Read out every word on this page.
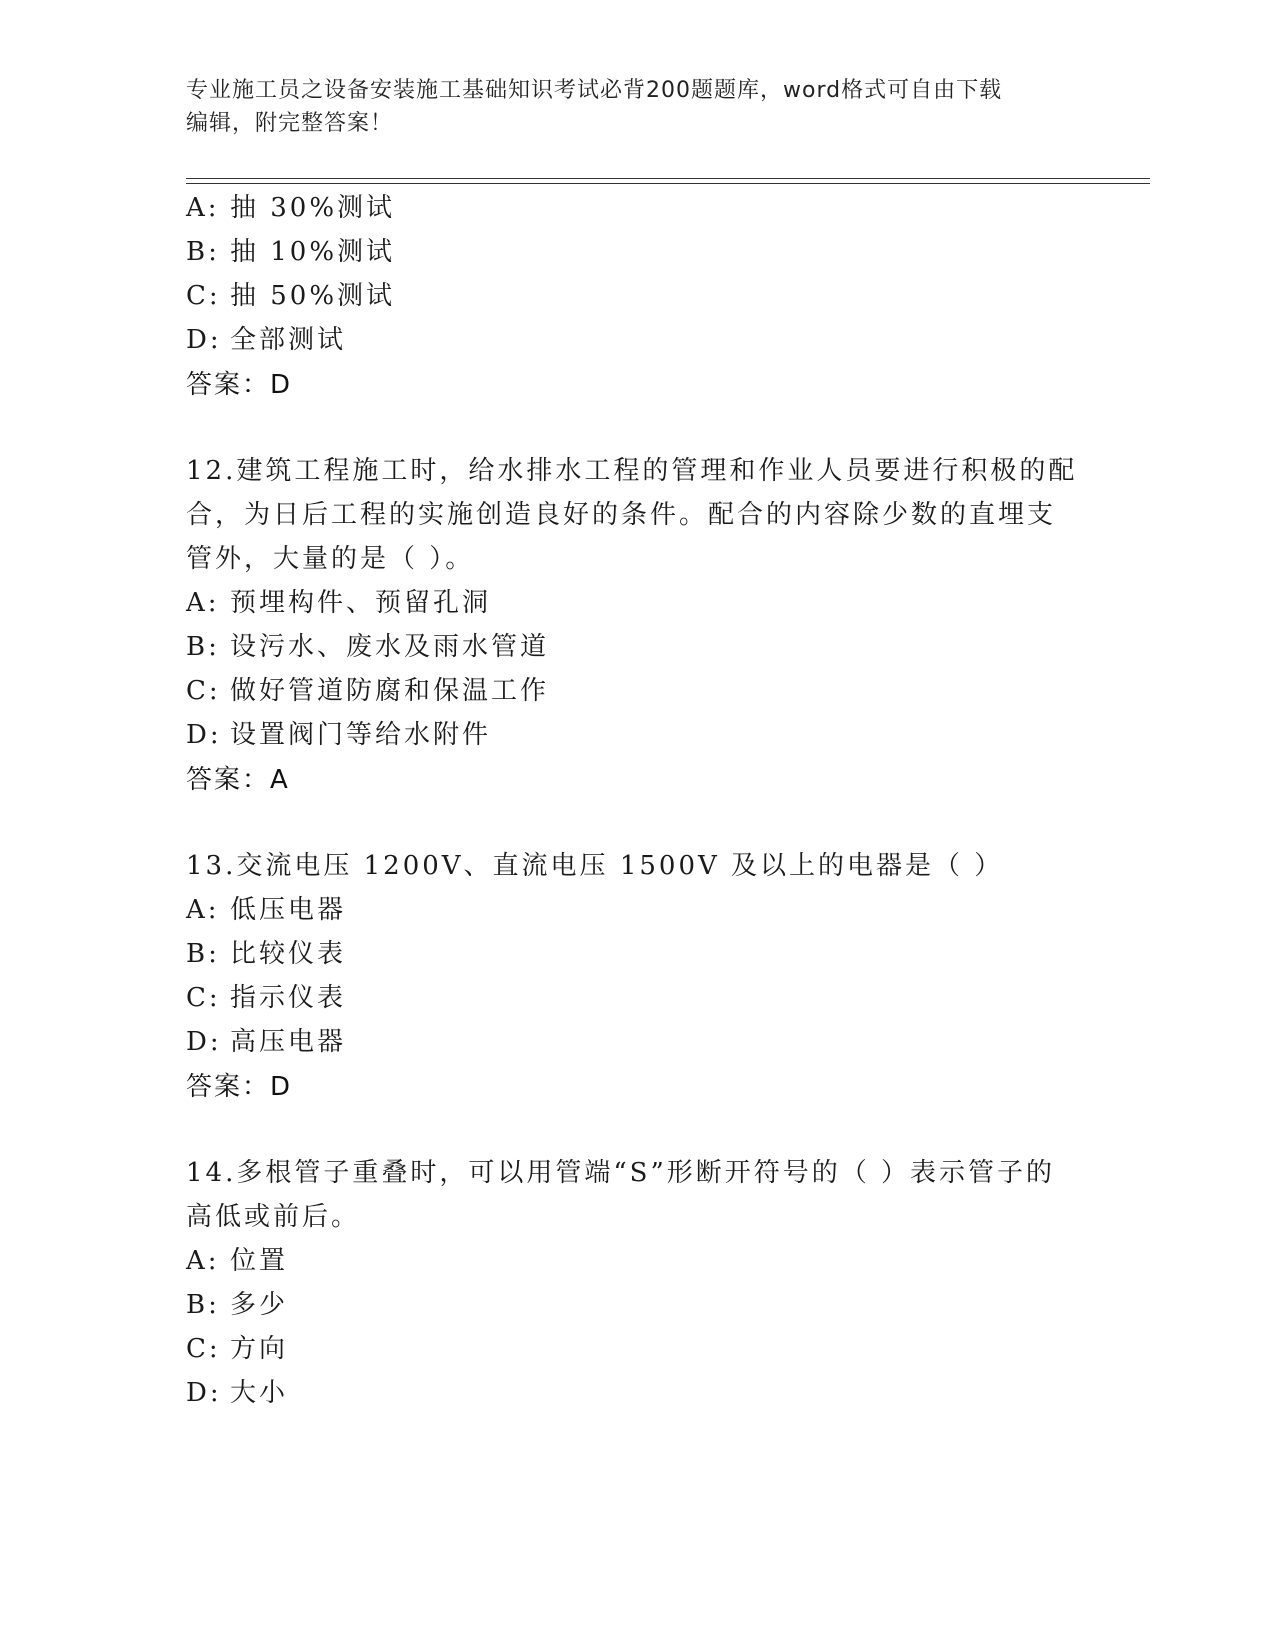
专业施工员之设备安装施工基础知识考试必背200题题库，word格式可自由下载
编辑，附完整答案！
A: 抽 30%测试
B: 抽 10%测试
C: 抽 50%测试
D: 全部测试
答案：D
12.建筑工程施工时，给水排水工程的管理和作业人员要进行积极的配
合，为日后工程的实施创造良好的条件。配合的内容除少数的直埋支
管外，大量的是（ ）。
A: 预埋构件、预留孔洞
B: 设污水、废水及雨水管道
C: 做好管道防腐和保温工作
D: 设置阀门等给水附件
答案：A
13.交流电压 1200V、直流电压 1500V 及以上的电器是（ ）
A: 低压电器
B: 比较仪表
C: 指示仪表
D: 高压电器
答案：D
14.多根管子重叠时，可以用管端“S”形断开符号的（ ）表示管子的
高低或前后。
A: 位置
B: 多少
C: 方向
D: 大小
